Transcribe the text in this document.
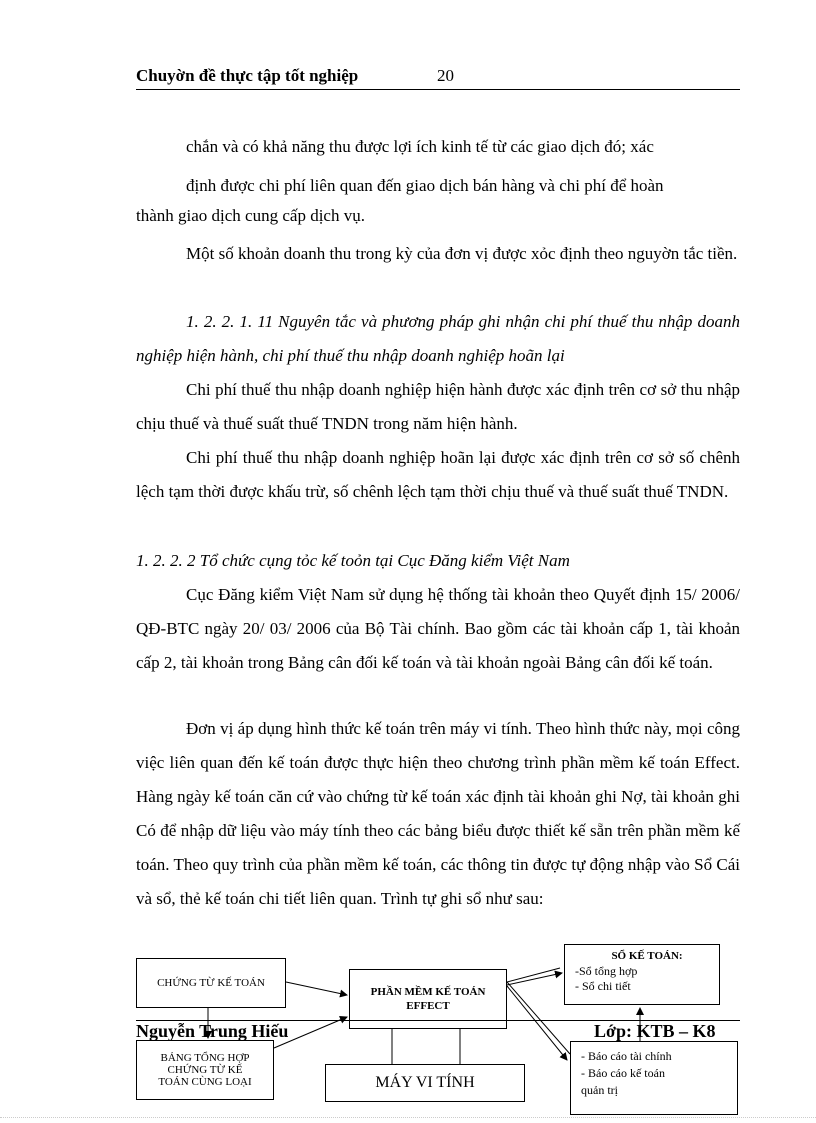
Chuyờn đề thực tập tốt nghiệp	20
chắn và có khả năng thu được lợi ích kinh tế từ các giao dịch đó; xác
định được chi phí liên quan đến giao dịch bán hàng và chi phí để hoàn
thành giao dịch cung cấp dịch vụ.
Một số khoản doanh thu trong kỳ của đơn vị được xỏc định theo nguyờn tắc tiền.
1. 2. 2. 1. 11 Nguyên tắc và phương pháp ghi nhận chi phí thuế thu nhập doanh nghiệp hiện hành, chi phí thuế thu nhập doanh nghiệp hoãn lại
Chi phí thuế thu nhập doanh nghiệp hiện hành được xác định trên cơ sở thu nhập chịu thuế và thuế suất thuế TNDN trong năm hiện hành.
Chi phí thuế thu nhập doanh nghiệp hoãn lại được xác định trên cơ sở số chênh lệch tạm thời được khấu trừ, số chênh lệch tạm thời chịu thuế và thuế suất thuế TNDN.
1. 2. 2. 2 Tổ chức cụng tỏc kế toỏn tại Cục Đăng kiểm Việt Nam
Cục Đăng kiểm Việt Nam sử dụng hệ thống tài khoản theo Quyết định 15/ 2006/ QĐ-BTC ngày 20/ 03/ 2006 của Bộ Tài chính. Bao gồm các tài khoản cấp 1, tài khoản cấp 2, tài khoản trong Bảng cân đối kế toán và tài khoản ngoài Bảng cân đối kế toán.
Đơn vị áp dụng hình thức kế toán trên máy vi tính. Theo hình thức này, mọi công việc liên quan đến kế toán được thực hiện theo chương trình phần mềm kế toán Effect. Hàng ngày kế toán căn cứ vào chứng từ kế toán xác định tài khoản ghi Nợ, tài khoản ghi Có để nhập dữ liệu vào máy tính theo các bảng biểu được thiết kế sẵn trên phần mềm kế toán. Theo quy trình của phần mềm kế toán, các thông tin được tự động nhập vào Sổ Cái và sổ, thẻ kế toán chi tiết liên quan. Trình tự ghi sổ như sau:
CHỨNG TỪ KẾ TOÁN
BẢNG TỔNG HỢP
CHỨNG TỪ KẾ
TOÁN CÙNG LOẠI
PHẦN MỀM KẾ TOÁN
EFFECT
MÁY VI TÍNH
SỔ KẾ TOÁN:
-Sổ tổng hợp
- Sổ chi tiết
- Báo cáo tài chính
- Báo cáo kế toán
quản trị
Nguyễn Trung Hiếu	Lớp: KTB – K8
